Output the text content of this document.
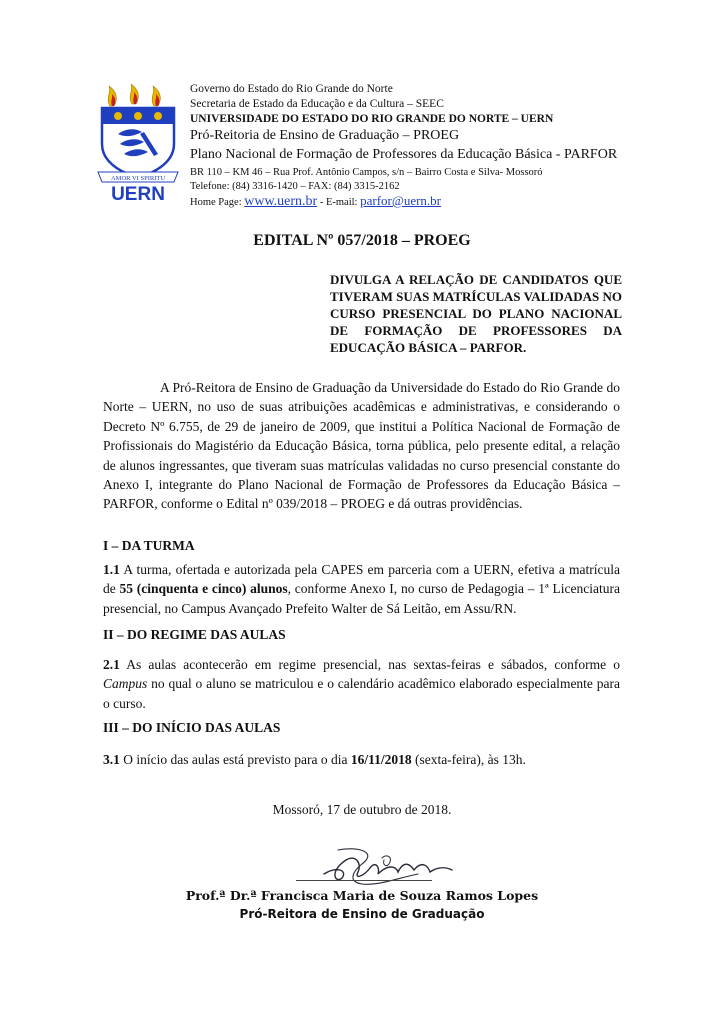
AMOR VI SPIRITU
UERN
Governo do Estado do Rio Grande do Norte
Secretaria de Estado da Educação e da Cultura – SEEC
UNIVERSIDADE DO ESTADO DO RIO GRANDE DO NORTE – UERN
Pró-Reitoria de Ensino de Graduação – PROEG
Plano Nacional de Formação de Professores da Educação Básica - PARFOR
BR 110 – KM 46 – Rua Prof. Antônio Campos, s/n – Bairro Costa e Silva- Mossoró
Telefone: (84) 3316-1420 – FAX: (84) 3315-2162
Home Page: www.uern.br - E-mail: parfor@uern.br
EDITAL Nº 057/2018 – PROEG
DIVULGA A RELAÇÃO DE CANDIDATOS QUE TIVERAM SUAS MATRÍCULAS VALIDADAS NO CURSO PRESENCIAL DO PLANO NACIONAL DE FORMAÇÃO DE PROFESSORES DA EDUCAÇÃO BÁSICA – PARFOR.
A Pró-Reitora de Ensino de Graduação da Universidade do Estado do Rio Grande do Norte – UERN, no uso de suas atribuições acadêmicas e administrativas, e considerando o Decreto Nº 6.755, de 29 de janeiro de 2009, que institui a Política Nacional de Formação de Profissionais do Magistério da Educação Básica, torna pública, pelo presente edital, a relação de alunos ingressantes, que tiveram suas matrículas validadas no curso presencial constante do Anexo I, integrante do Plano Nacional de Formação de Professores da Educação Básica – PARFOR, conforme o Edital nº 039/2018 – PROEG e dá outras providências.
I – DA TURMA
1.1 A turma, ofertada e autorizada pela CAPES em parceria com a UERN, efetiva a matrícula de 55 (cinquenta e cinco) alunos, conforme Anexo I, no curso de Pedagogia – 1ª Licenciatura presencial, no Campus Avançado Prefeito Walter de Sá Leitão, em Assu/RN.
II – DO REGIME DAS AULAS
2.1 As aulas acontecerão em regime presencial, nas sextas-feiras e sábados, conforme o Campus no qual o aluno se matriculou e o calendário acadêmico elaborado especialmente para o curso.
III – DO INÍCIO DAS AULAS
3.1 O início das aulas está previsto para o dia 16/11/2018 (sexta-feira), às 13h.
Mossoró, 17 de outubro de 2018.
Prof.ª Dr.ª Francisca Maria de Souza Ramos Lopes
Pró-Reitora de Ensino de Graduação
